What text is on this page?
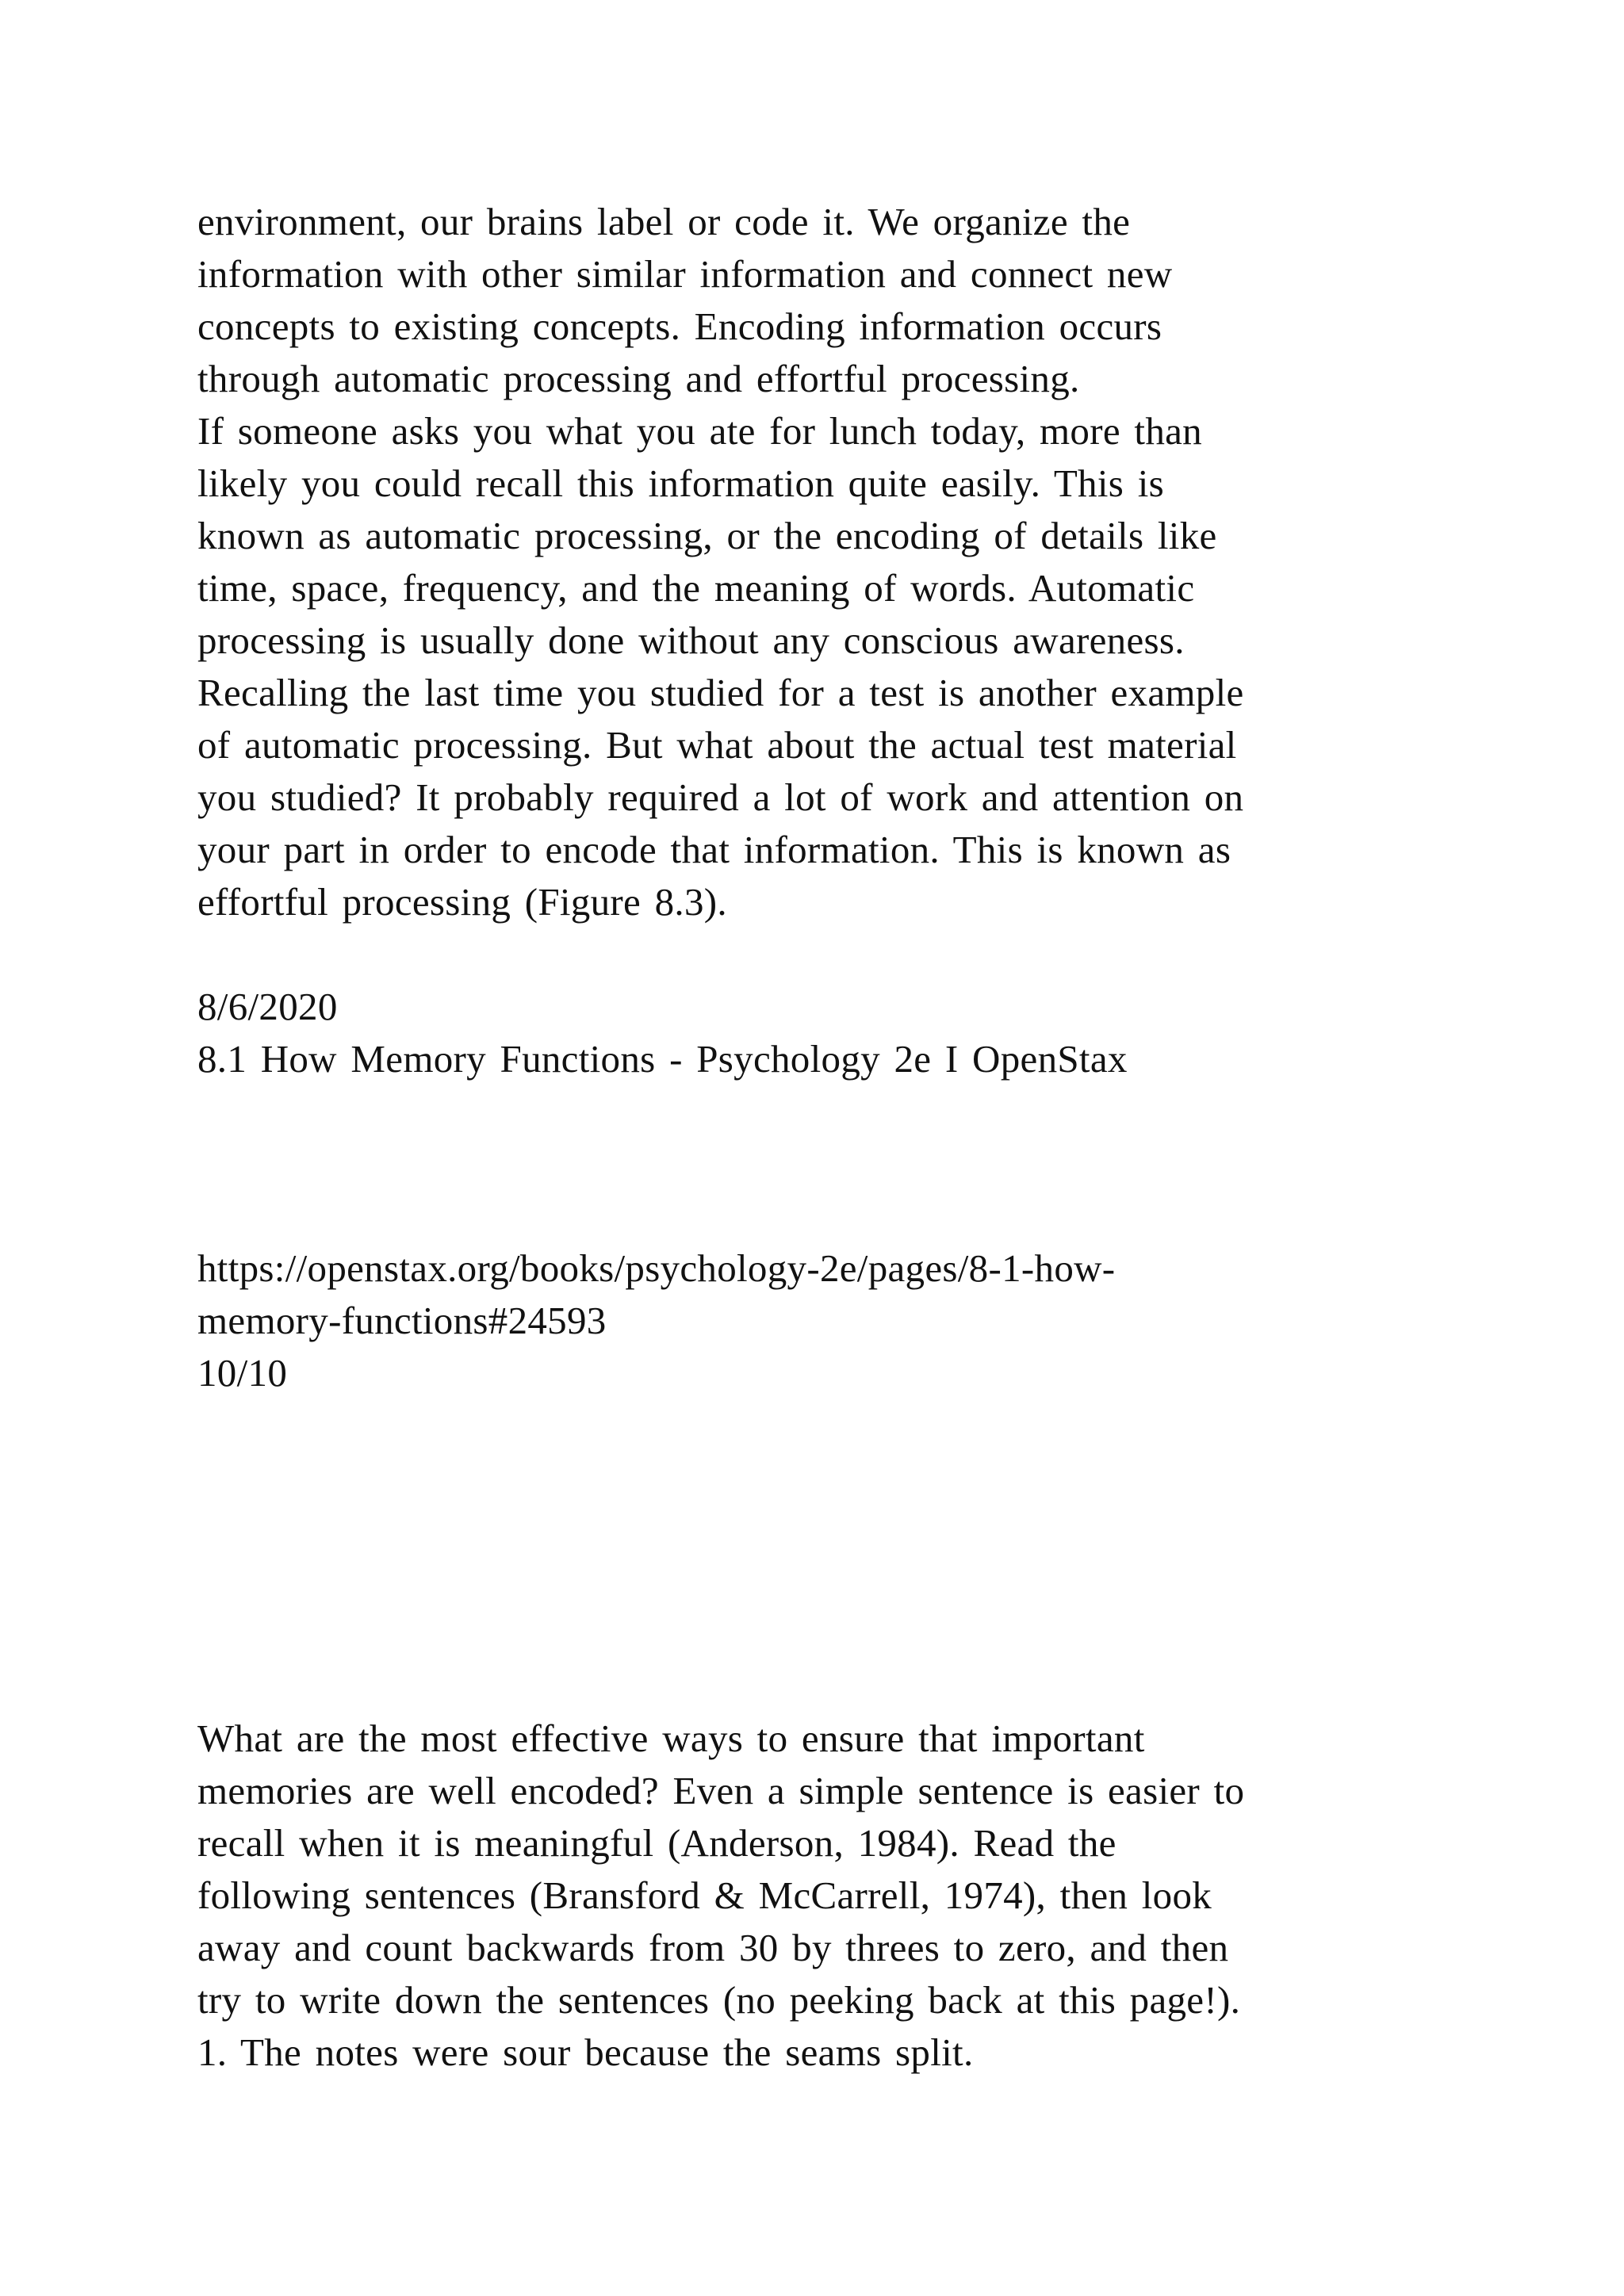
environment, our brains label or code it. We organize the

information with other similar information and connect new

concepts to existing concepts. Encoding information occurs

through automatic processing and effortful processing.

If someone asks you what you ate for lunch today, more than

likely you could recall this information quite easily. This is

known as automatic processing, or the encoding of details like

time, space, frequency, and the meaning of words. Automatic

processing is usually done without any conscious awareness.

Recalling the last time you studied for a test is another example

of automatic processing. But what about the actual test material

you studied? It probably required a lot of work and attention on

your part in order to encode that information. This is known as

effortful processing (Figure 8.3).

8/6/2020

8.1 How Memory Functions - Psychology 2e I OpenStax

https://openstax.org/books/psychology-2e/pages/8-1-how-

memory-functions#24593

10/10

What are the most effective ways to ensure that important

memories are well encoded? Even a simple sentence is easier to

recall when it is meaningful (Anderson, 1984). Read the

following sentences (Bransford & McCarrell, 1974), then look

away and count backwards from 30 by threes to zero, and then

try to write down the sentences (no peeking back at this page!).

1. The notes were sour because the seams split.
